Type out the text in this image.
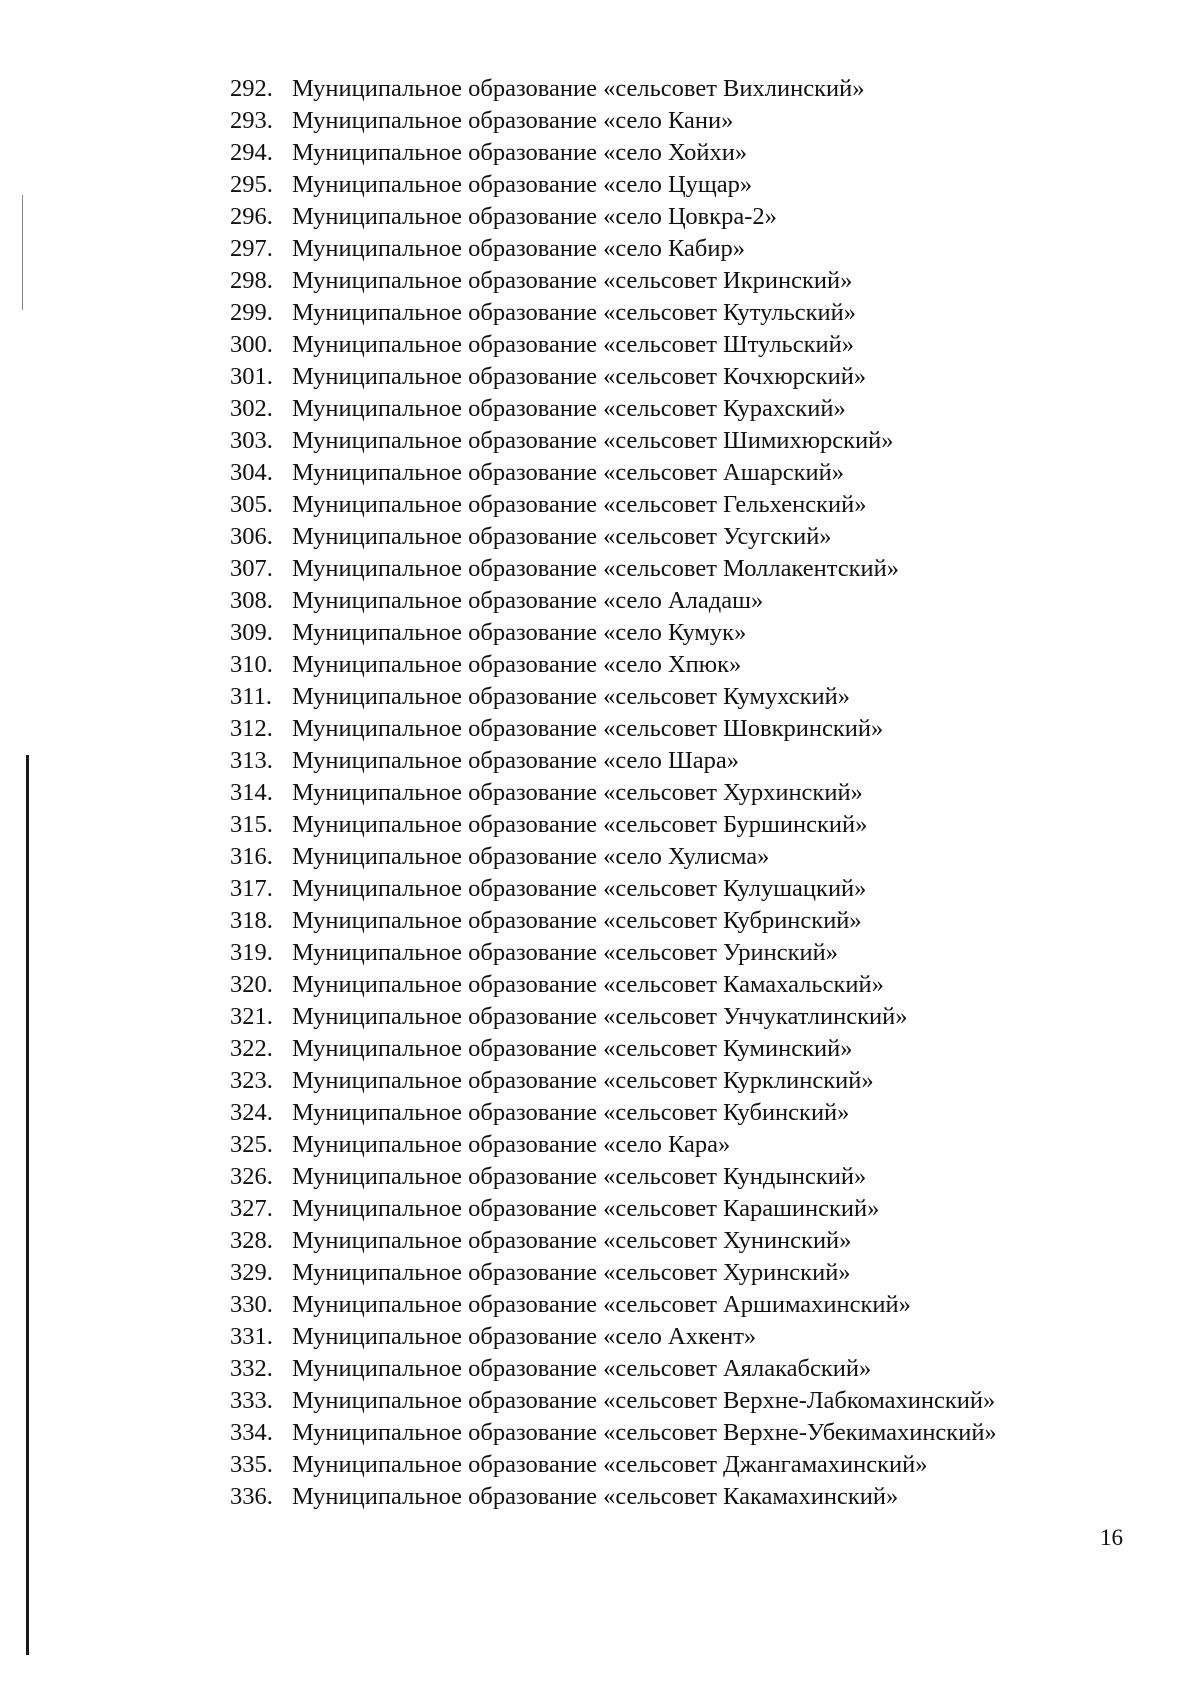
292. Муниципальное образование «сельсовет Вихлинский»
293. Муниципальное образование «село Кани»
294. Муниципальное образование «село Хойхи»
295. Муниципальное образование «село Цущар»
296. Муниципальное образование «село Цовкра-2»
297. Муниципальное образование «село Кабир»
298. Муниципальное образование «сельсовет Икринский»
299. Муниципальное образование «сельсовет Кутульский»
300. Муниципальное образование «сельсовет Штульский»
301. Муниципальное образование «сельсовет Кочхюрский»
302. Муниципальное образование «сельсовет Курахский»
303. Муниципальное образование «сельсовет Шимихюрский»
304. Муниципальное образование «сельсовет Ашарский»
305. Муниципальное образование «сельсовет Гельхенский»
306. Муниципальное образование «сельсовет Усугский»
307. Муниципальное образование «сельсовет Моллакентский»
308. Муниципальное образование «село Аладаш»
309. Муниципальное образование «село Кумук»
310. Муниципальное образование «село Хпюк»
311. Муниципальное образование «сельсовет Кумухский»
312. Муниципальное образование «сельсовет Шовкринский»
313. Муниципальное образование «село Шара»
314. Муниципальное образование «сельсовет Хурхинский»
315. Муниципальное образование «сельсовет Буршинский»
316. Муниципальное образование «село Хулисма»
317. Муниципальное образование «сельсовет Кулушацкий»
318. Муниципальное образование «сельсовет Кубринский»
319. Муниципальное образование «сельсовет Уринский»
320. Муниципальное образование «сельсовет Камахальский»
321. Муниципальное образование «сельсовет Унчукатлинский»
322. Муниципальное образование «сельсовет Куминский»
323. Муниципальное образование «сельсовет Курклинский»
324. Муниципальное образование «сельсовет Кубинский»
325. Муниципальное образование «село Кара»
326. Муниципальное образование «сельсовет Кундынский»
327. Муниципальное образование «сельсовет Карашинский»
328. Муниципальное образование «сельсовет Хунинский»
329. Муниципальное образование «сельсовет Хуринский»
330. Муниципальное образование «сельсовет Аршимахинский»
331. Муниципальное образование «село Ахкент»
332. Муниципальное образование «сельсовет Аялакабский»
333. Муниципальное образование «сельсовет Верхне-Лабкомахинский»
334. Муниципальное образование «сельсовет Верхне-Убекимахинский»
335. Муниципальное образование «сельсовет Джангамахинский»
336. Муниципальное образование «сельсовет Какамахинский»
16
